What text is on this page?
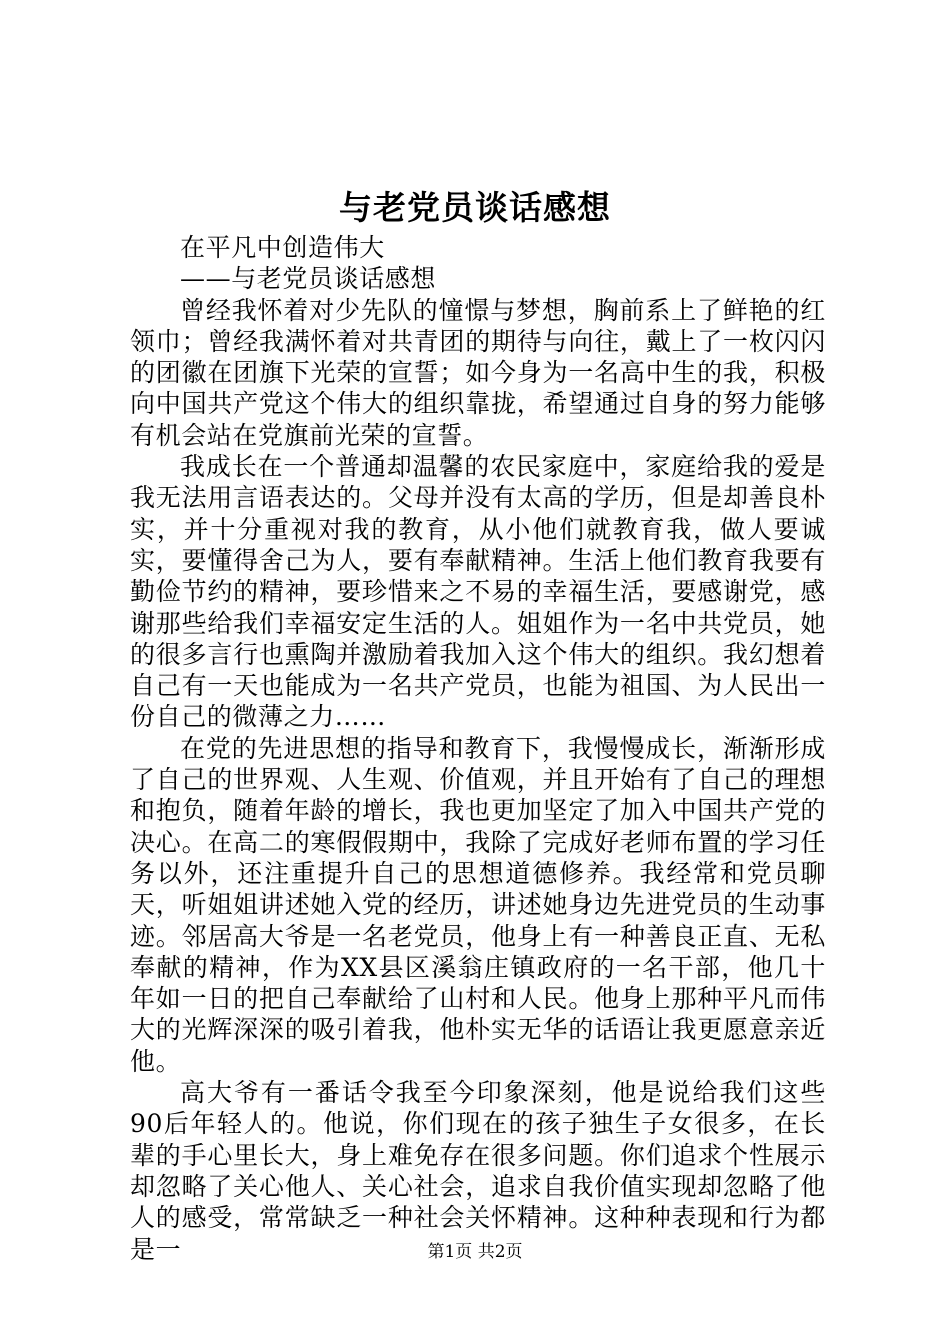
与老党员谈话感想

在平凡中创造伟大

——与老党员谈话感想

曾经我怀着对少先队的憧憬与梦想，胸前系上了鲜艳的红领巾；曾经我满怀着对共青团的期待与向往，戴上了一枚闪闪的团徽在团旗下光荣的宣誓；如今身为一名高中生的我，积极向中国共产党这个伟大的组织靠拢，希望通过自身的努力能够有机会站在党旗前光荣的宣誓。

我成长在一个普通却温馨的农民家庭中，家庭给我的爱是我无法用言语表达的。父母并没有太高的学历，但是却善良朴实，并十分重视对我的教育，从小他们就教育我，做人要诚实，要懂得舍己为人，要有奉献精神。生活上他们教育我要有勤俭节约的精神，要珍惜来之不易的幸福生活，要感谢党，感谢那些给我们幸福安定生活的人。姐姐作为一名中共党员，她的很多言行也熏陶并激励着我加入这个伟大的组织。我幻想着自己有一天也能成为一名共产党员，也能为祖国、为人民出一份自己的微薄之力……

在党的先进思想的指导和教育下，我慢慢成长，渐渐形成了自己的世界观、人生观、价值观，并且开始有了自己的理想和抱负，随着年龄的增长，我也更加坚定了加入中国共产党的决心。在高二的寒假假期中，我除了完成好老师布置的学习任务以外，还注重提升自己的思想道德修养。我经常和党员聊天，听姐姐讲述她入党的经历，讲述她身边先进党员的生动事迹。邻居高大爷是一名老党员，他身上有一种善良正直、无私奉献的精神，作为XX县区溪翁庄镇政府的一名干部，他几十年如一日的把自己奉献给了山村和人民。他身上那种平凡而伟大的光辉深深的吸引着我，他朴实无华的话语让我更愿意亲近他。

高大爷有一番话令我至今印象深刻，他是说给我们这些90后年轻人的。他说，你们现在的孩子独生子女很多，在长辈的手心里长大，身上难免存在很多问题。你们追求个性展示却忽略了关心他人、关心社会，追求自我价值实现却忽略了他人的感受，常常缺乏一种社会关怀精神。这种种表现和行为都是一	第1页 共2页
